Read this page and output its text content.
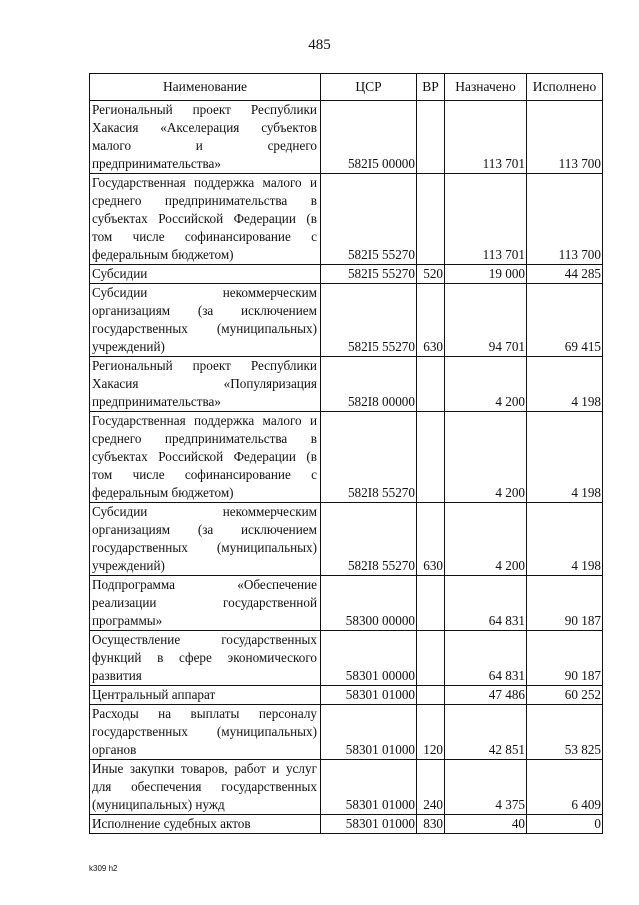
485
Наименование	ЦСР	ВР	Назначено	Исполнено

Региональный проект Республики Хакасия «Акселерация субъектов малого и среднего предпринимательства»	582I5 00000		113 701	113 700

Государственная поддержка малого и среднего предпринимательства в субъектах Российской Федерации (в том числе софинансирование с федеральным бюджетом)	582I5 55270		113 701	113 700

Субсидии	582I5 55270	520	19 000	44 285

Субсидии некоммерческим организациям (за исключением государственных (муниципальных) учреждений)	582I5 55270	630	94 701	69 415

Региональный проект Республики Хакасия «Популяризация предпринимательства»	582I8 00000		4 200	4 198

Государственная поддержка малого и среднего предпринимательства в субъектах Российской Федерации (в том числе софинансирование с федеральным бюджетом)	582I8 55270		4 200	4 198

Субсидии некоммерческим организациям (за исключением государственных (муниципальных) учреждений)	582I8 55270	630	4 200	4 198

Подпрограмма «Обеспечение реализации государственной программы»	58300 00000		64 831	90 187

Осуществление государственных функций в сфере экономического развития	58301 00000		64 831	90 187

Центральный аппарат	58301 01000		47 486	60 252

Расходы на выплаты персоналу государственных (муниципальных) органов	58301 01000	120	42 851	53 825

Иные закупки товаров, работ и услуг для обеспечения государственных (муниципальных) нужд	58301 01000	240	4 375	6 409

Исполнение судебных актов	58301 01000	830	40	0
k309 h2
